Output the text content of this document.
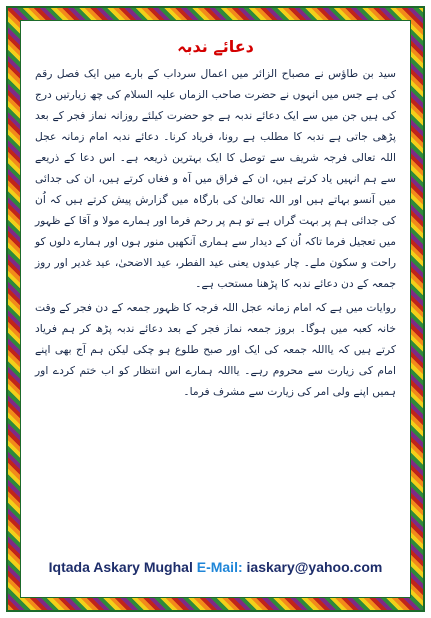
دعائے ندبہ

سید بن طاؤس نے مصباح الزائر میں اعمال سرداب کے بارے میں ایک فصل رقم کی ہے جس میں انہوں نے حضرت صاحب الزماں علیہ السلام کی چھ زیارتیں درج کی ہیں جن میں سے ایک دعائے ندبہ ہے جو حضرت کیلئے روزانہ نماز فجر کے بعد پڑھی جاتی ہے ندبہ کا مطلب ہے رونا، فریاد کرنا۔ دعائے ندبہ امام زمانہ عجل اللہ تعالی فرجہ شریف سے توصل کا ایک بہترین ذریعہ ہے۔ اس دعا کے ذریعے سے ہم انہیں یاد کرتے ہیں، ان کے فراق میں آہ و فغاں کرتے ہیں، ان کی جدائی میں آنسو بہاتے ہیں اور اللہ تعالیٰ کی بارگاہ میں گزارش پیش کرتے ہیں کہ اُن کی جدائی ہم پر بہت گراں ہے تو ہم پر رحم فرما اور ہمارے مولا و آقا کے ظہور میں تعجیل فرما تاکہ اُن کے دیدار سے ہماری آنکھیں منور ہوں اور ہمارے دلوں کو راحت و سکون ملے۔ چار عیدوں یعنی عید الفطر، عید الاضحیٰ، عید غدیر اور روز جمعہ کے دن دعائے ندبہ کا پڑھنا مستحب ہے۔

روایات میں ہے کہ امام زمانہ عجل اللہ فرجہ کا ظہور جمعہ کے دن فجر کے وقت خانہ کعبہ میں ہوگا۔ بروز جمعہ نماز فجر کے بعد دعائے ندبہ پڑھ کر ہم فریاد کرتے ہیں کہ یااللہ جمعہ کی ایک اور صبح طلوع ہو چکی لیکن ہم آج بھی اپنے امام کی زیارت سے محروم رہے۔ یااللہ ہمارے اس انتظار کو اب ختم کردے اور ہمیں اپنے ولی امر کی زیارت سے مشرف فرما۔

Iqtada Askary Mughal E-Mail: iaskary@yahoo.com
